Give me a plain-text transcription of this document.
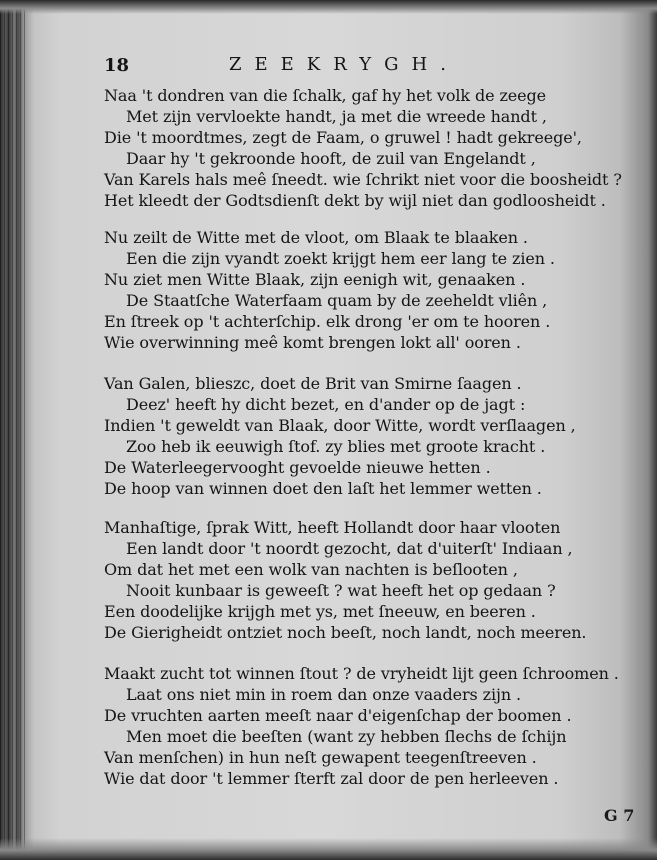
18	ZEEKRYGH.
Naa 't dondren van die ſchalk, gaf hy het volk de zeege
Met zijn vervloekte handt, ja met die wreede handt ,
Die 't moordtmes, zegt de Faam, o gruwel ! hadt gekreege',
Daar hy 't gekroonde hooft, de zuil van Engelandt ,
Van Karels hals meê ſneedt. wie ſchrikt niet voor die boosheidt ?
Het kleedt der Godtsdienſt dekt by wijl niet dan godloosheidt .
Nu zeilt de Witte met de vloot, om Blaak te blaaken .
Een die zijn vyandt zoekt krijgt hem eer lang te zien .
Nu ziet men Witte Blaak, zijn eenigh wit, genaaken .
De Staatſche Waterfaam quam by de zeeheldt vliên ,
En ſtreek op 't achterſchip. elk drong 'er om te hooren .
Wie overwinning meê komt brengen lokt all' ooren .
Van Galen, blieszc, doet de Brit van Smirne ſaagen .
Deez' heeft hy dicht bezet, en d'ander op de jagt :
Indien 't geweldt van Blaak, door Witte, wordt verſlaagen ,
Zoo heb ik eeuwigh ſtof. zy blies met groote kracht .
De Waterleegervooght gevoelde nieuwe hetten .
De hoop van winnen doet den laſt het lemmer wetten .
Manhaſtige, ſprak Witt, heeft Hollandt door haar vlooten
Een landt door 't noordt gezocht, dat d'uiterſt' Indiaan ,
Om dat het met een wolk van nachten is beſlooten ,
Nooit kunbaar is geweeſt ? wat heeft het op gedaan ?
Een doodelijke krijgh met ys, met ſneeuw, en beeren .
De Gierigheidt ontziet noch beeſt, noch landt, noch meeren.
Maakt zucht tot winnen ſtout ? de vryheidt lijt geen ſchroomen .
Laat ons niet min in roem dan onze vaaders zijn .
De vruchten aarten meeſt naar d'eigenſchap der boomen .
Men moet die beeſten (want zy hebben ſlechs de ſchijn
Van menſchen) in hun neſt gewapent teegenſtreeven .
Wie dat door 't lemmer ſterft zal door de pen herleeven .
G 7
